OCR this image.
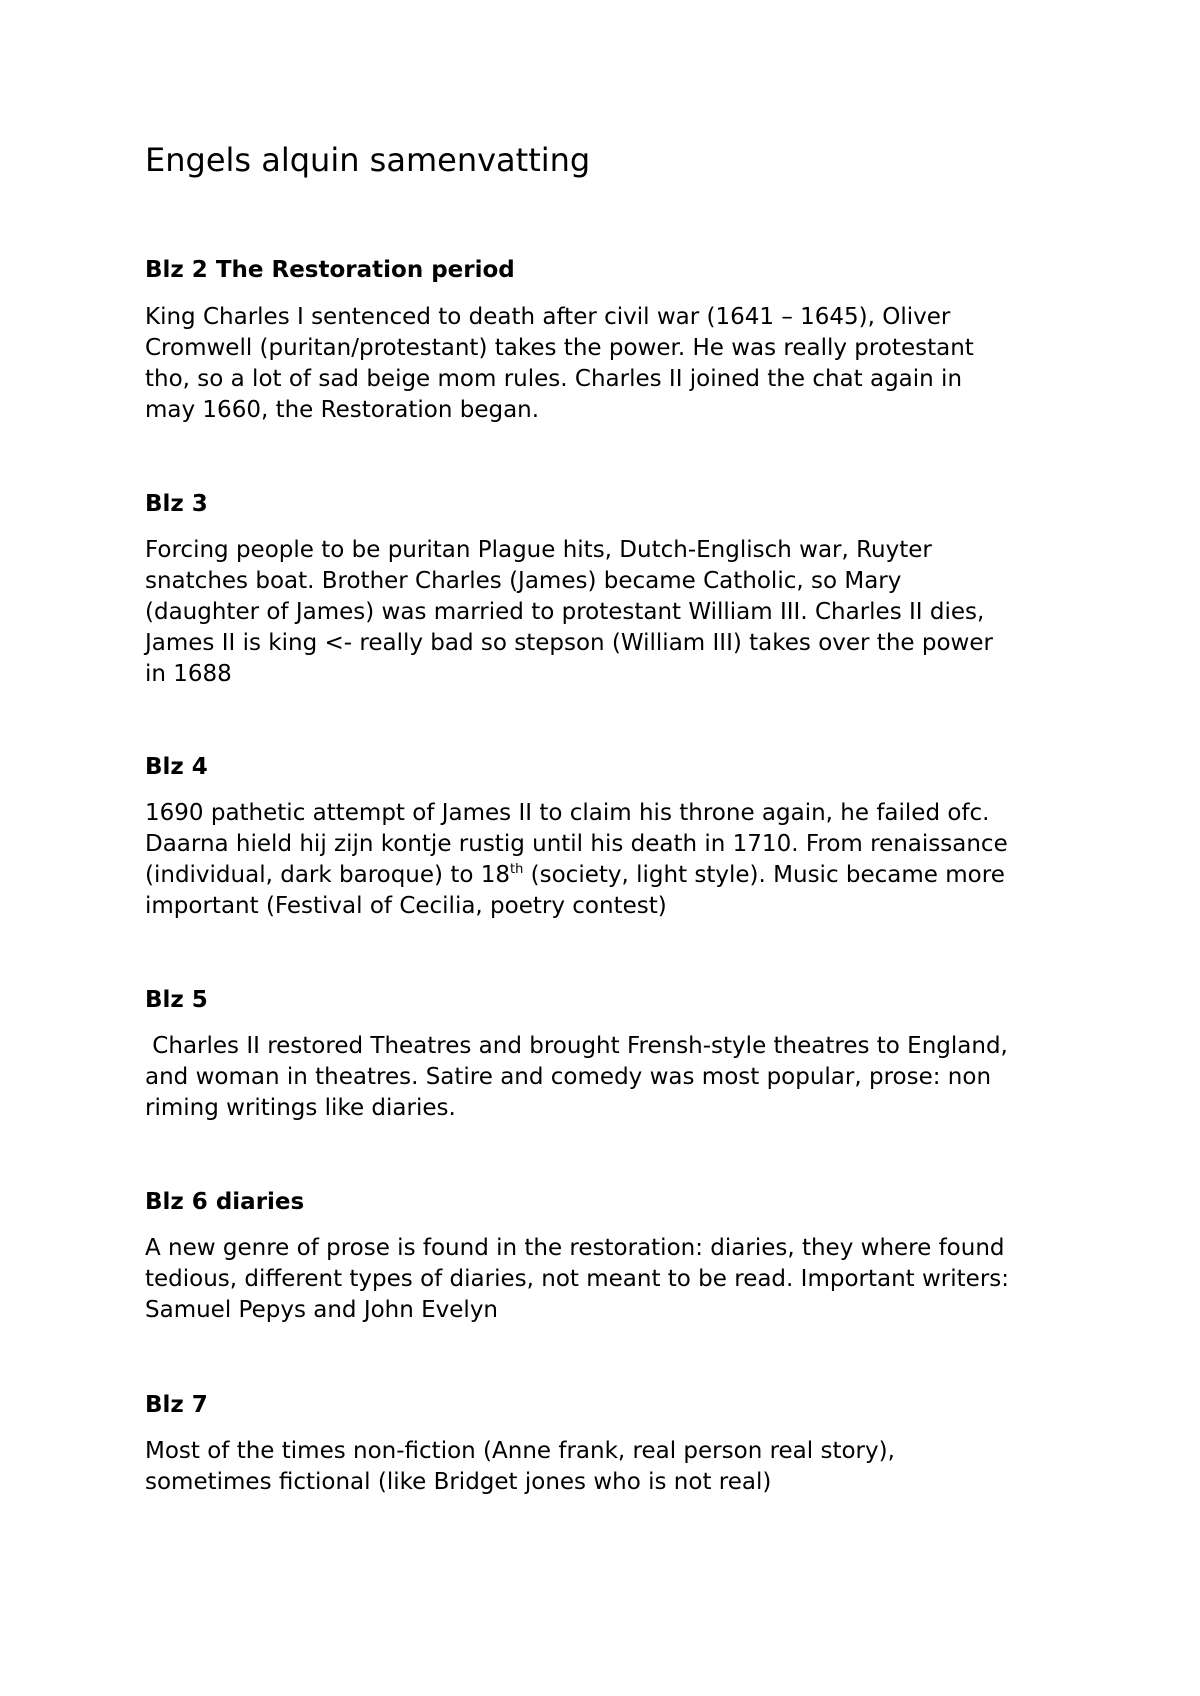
Engels alquin samenvatting
Blz 2 The Restoration period
King Charles I sentenced to death after civil war (1641 – 1645), Oliver
Cromwell (puritan/protestant) takes the power. He was really protestant
tho, so a lot of sad beige mom rules. Charles II joined the chat again in
may 1660, the Restoration began.
Blz 3
Forcing people to be puritan Plague hits, Dutch-Englisch war, Ruyter
snatches boat. Brother Charles (James) became Catholic, so Mary
(daughter of James) was married to protestant William III. Charles II dies,
James II is king <- really bad so stepson (William III) takes over the power
in 1688
Blz 4
1690 pathetic attempt of James II to claim his throne again, he failed ofc.
Daarna hield hij zijn kontje rustig until his death in 1710. From renaissance
(individual, dark baroque) to 18th (society, light style). Music became more
important (Festival of Cecilia, poetry contest)
Blz 5
Charles II restored Theatres and brought Frensh-style theatres to England,
and woman in theatres. Satire and comedy was most popular, prose: non
riming writings like diaries.
Blz 6 diaries
A new genre of prose is found in the restoration: diaries, they where found
tedious, different types of diaries, not meant to be read. Important writers:
Samuel Pepys and John Evelyn
Blz 7
Most of the times non-fiction (Anne frank, real person real story),
sometimes fictional (like Bridget jones who is not real)
